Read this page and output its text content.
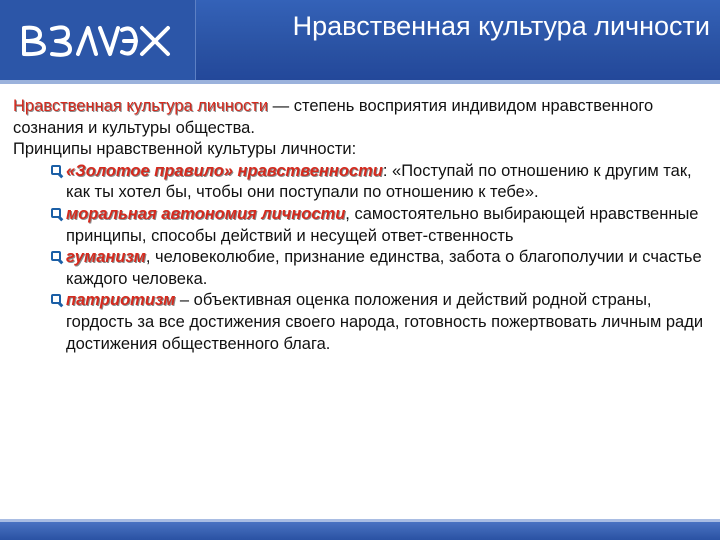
Нравственная культура личности

Нравственная культура личности — степень восприятия индивидом нравственного сознания и культуры общества.

Принципы нравственной культуры личности:

«Золотое правило» нравственности: «Поступай по отношению к другим так, как ты хотел бы, чтобы они поступали по отношению к тебе».
моральная автономия личности, самостоятельно выбирающей нравственные принципы, способы действий и несущей ответ-ственность
гуманизм, человеколюбие, признание единства, забота о благополучии и счастье каждого человека.
патриотизм – объективная оценка положения и действий родной страны, гордость за все достижения своего народа, готовность пожертвовать личным ради достижения общественного блага.
